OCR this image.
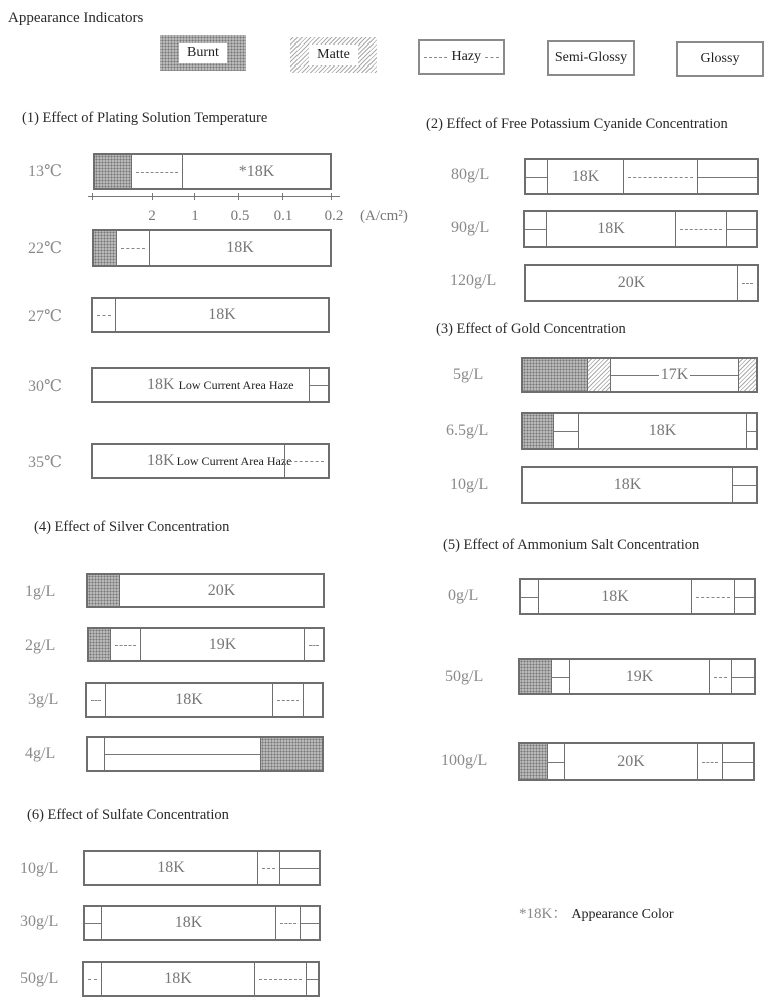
Appearance Indicators
Burnt	Matte	Hazy	Semi-Glossy	Glossy
(1) Effect of Plating Solution Temperature
13℃	*18K
2 1 0.5 0.1 0.2 (A/cm²)
22℃	18K
27℃	18K
30℃	18K Low Current Area Haze
35℃	18K Low Current Area Haze
(2) Effect of Free Potassium Cyanide Concentration
80g/L	18K
90g/L	18K
120g/L	20K
(3) Effect of Gold Concentration
5g/L	17K
6.5g/L	18K
10g/L	18K
(4) Effect of Silver Concentration
1g/L	20K
2g/L	19K
3g/L	18K
4g/L
(5) Effect of Ammonium Salt Concentration
0g/L	18K
50g/L	19K
100g/L	20K
(6) Effect of Sulfate Concentration
10g/L	18K
30g/L	18K
50g/L	18K
*18K： Appearance Color
